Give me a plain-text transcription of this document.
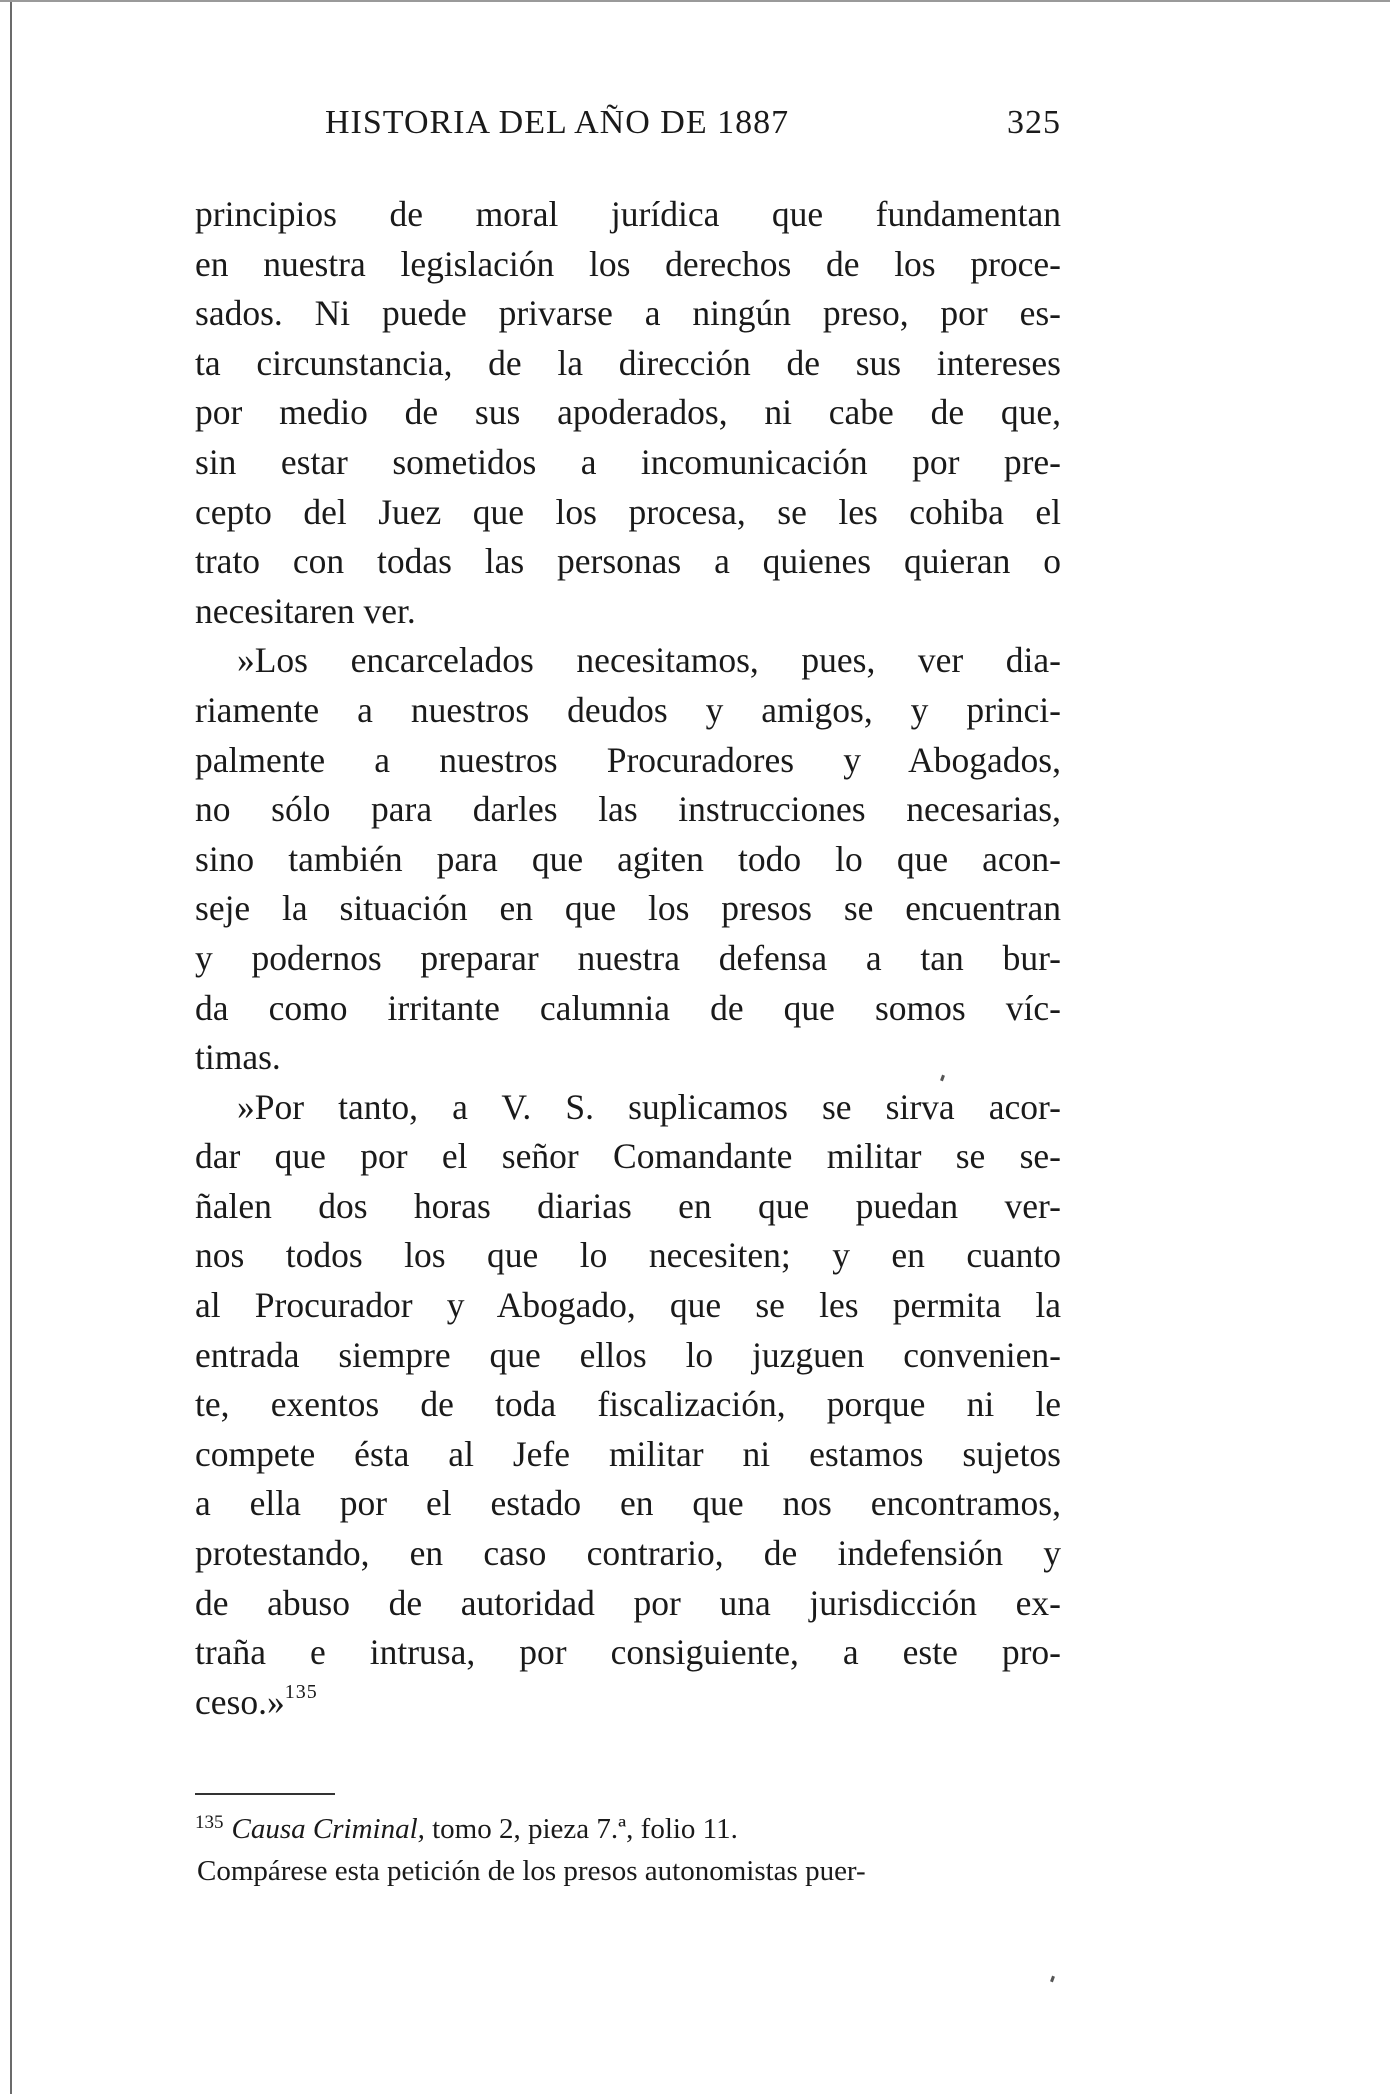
HISTORIA DEL AÑO DE 1887	325
principios de moral jurídica que fundamentan
en nuestra legislación los derechos de los proce-
sados. Ni puede privarse a ningún preso, por es-
ta circunstancia, de la dirección de sus intereses
por medio de sus apoderados, ni cabe de que,
sin estar sometidos a incomunicación por pre-
cepto del Juez que los procesa, se les cohiba el
trato con todas las personas a quienes quieran o
necesitaren ver.
»Los encarcelados necesitamos, pues, ver dia-
riamente a nuestros deudos y amigos, y princi-
palmente a nuestros Procuradores y Abogados,
no sólo para darles las instrucciones necesarias,
sino también para que agiten todo lo que acon-
seje la situación en que los presos se encuentran
y podernos preparar nuestra defensa a tan bur-
da como irritante calumnia de que somos víc-
timas.
»Por tanto, a V. S. suplicamos se sirva acor-
dar que por el señor Comandante militar se se-
ñalen dos horas diarias en que puedan ver-
nos todos los que lo necesiten; y en cuanto
al Procurador y Abogado, que se les permita la
entrada siempre que ellos lo juzguen convenien-
te, exentos de toda fiscalización, porque ni le
compete ésta al Jefe militar ni estamos sujetos
a ella por el estado en que nos encontramos,
protestando, en caso contrario, de indefensión y
de abuso de autoridad por una jurisdicción ex-
traña e intrusa, por consiguiente, a este pro-
ceso.»$^{135}$
$^{135}$ Causa Criminal, tomo 2, pieza 7.ª, folio 11.
Compárese esta petición de los presos autonomistas puer-
